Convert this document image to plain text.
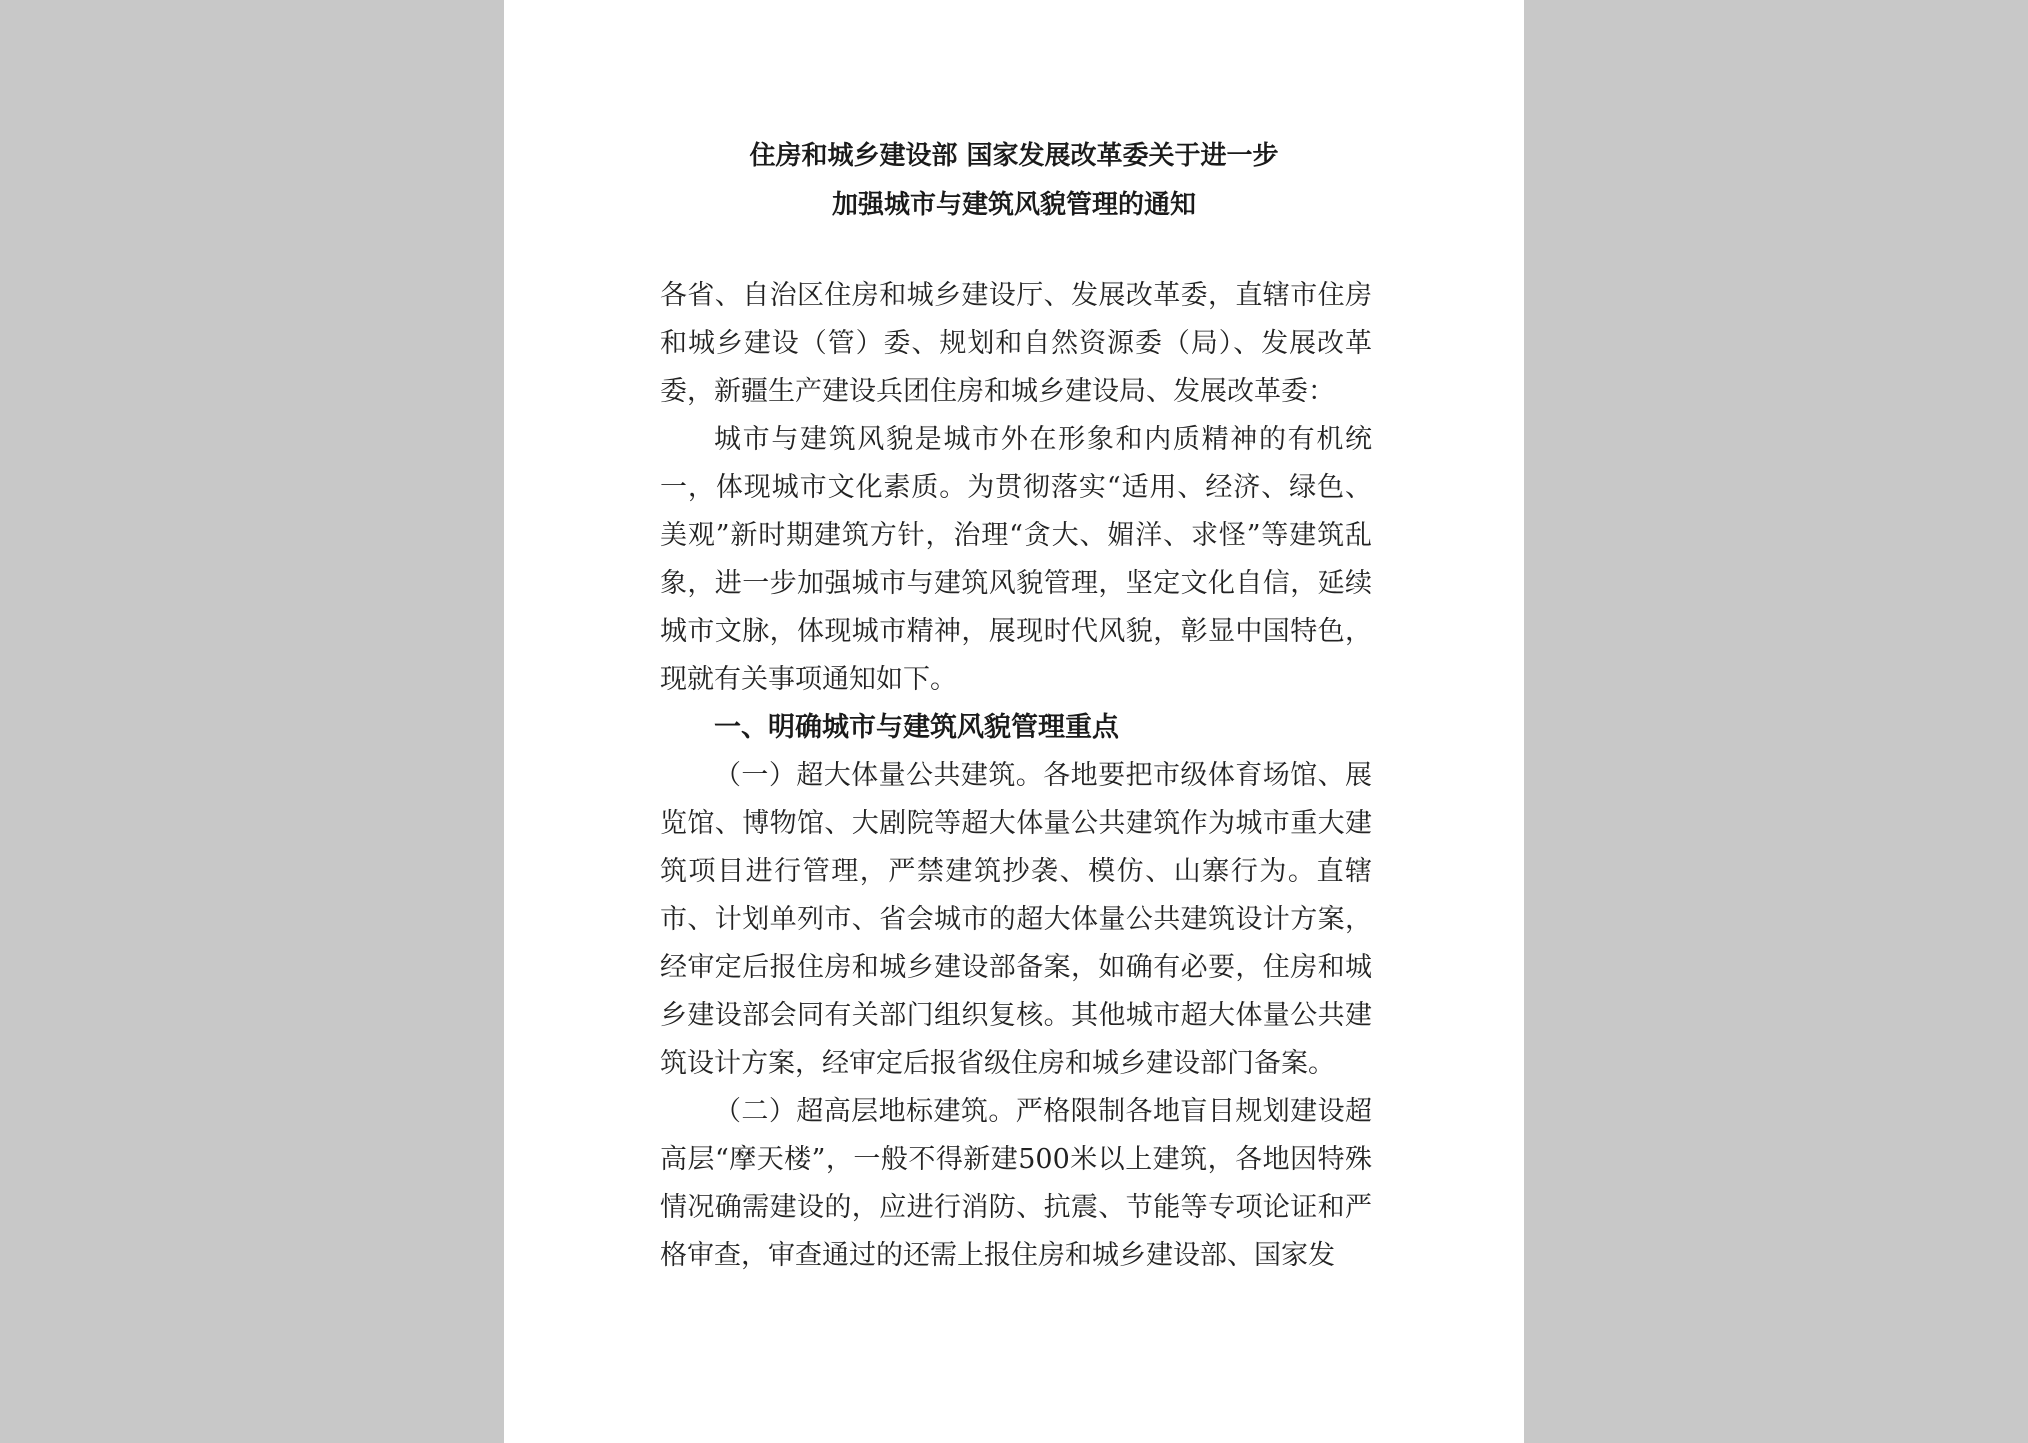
住房和城乡建设部 国家发展改革委关于进一步
加强城市与建筑风貌管理的通知

各省、自治区住房和城乡建设厅、发展改革委，直辖市住房和城乡建设（管）委、规划和自然资源委（局）、发展改革委，新疆生产建设兵团住房和城乡建设局、发展改革委：

城市与建筑风貌是城市外在形象和内质精神的有机统一，体现城市文化素质。为贯彻落实“适用、经济、绿色、美观”新时期建筑方针，治理“贪大、媚洋、求怪”等建筑乱象，进一步加强城市与建筑风貌管理，坚定文化自信，延续城市文脉，体现城市精神，展现时代风貌，彰显中国特色，现就有关事项通知如下。

一、明确城市与建筑风貌管理重点

（一）超大体量公共建筑。各地要把市级体育场馆、展览馆、博物馆、大剧院等超大体量公共建筑作为城市重大建筑项目进行管理，严禁建筑抄袭、模仿、山寨行为。直辖市、计划单列市、省会城市的超大体量公共建筑设计方案，经审定后报住房和城乡建设部备案，如确有必要，住房和城乡建设部会同有关部门组织复核。其他城市超大体量公共建筑设计方案，经审定后报省级住房和城乡建设部门备案。

（二）超高层地标建筑。严格限制各地盲目规划建设超高层“摩天楼”，一般不得新建500米以上建筑，各地因特殊情况确需建设的，应进行消防、抗震、节能等专项论证和严格审查，审查通过的还需上报住房和城乡建设部、国家发
